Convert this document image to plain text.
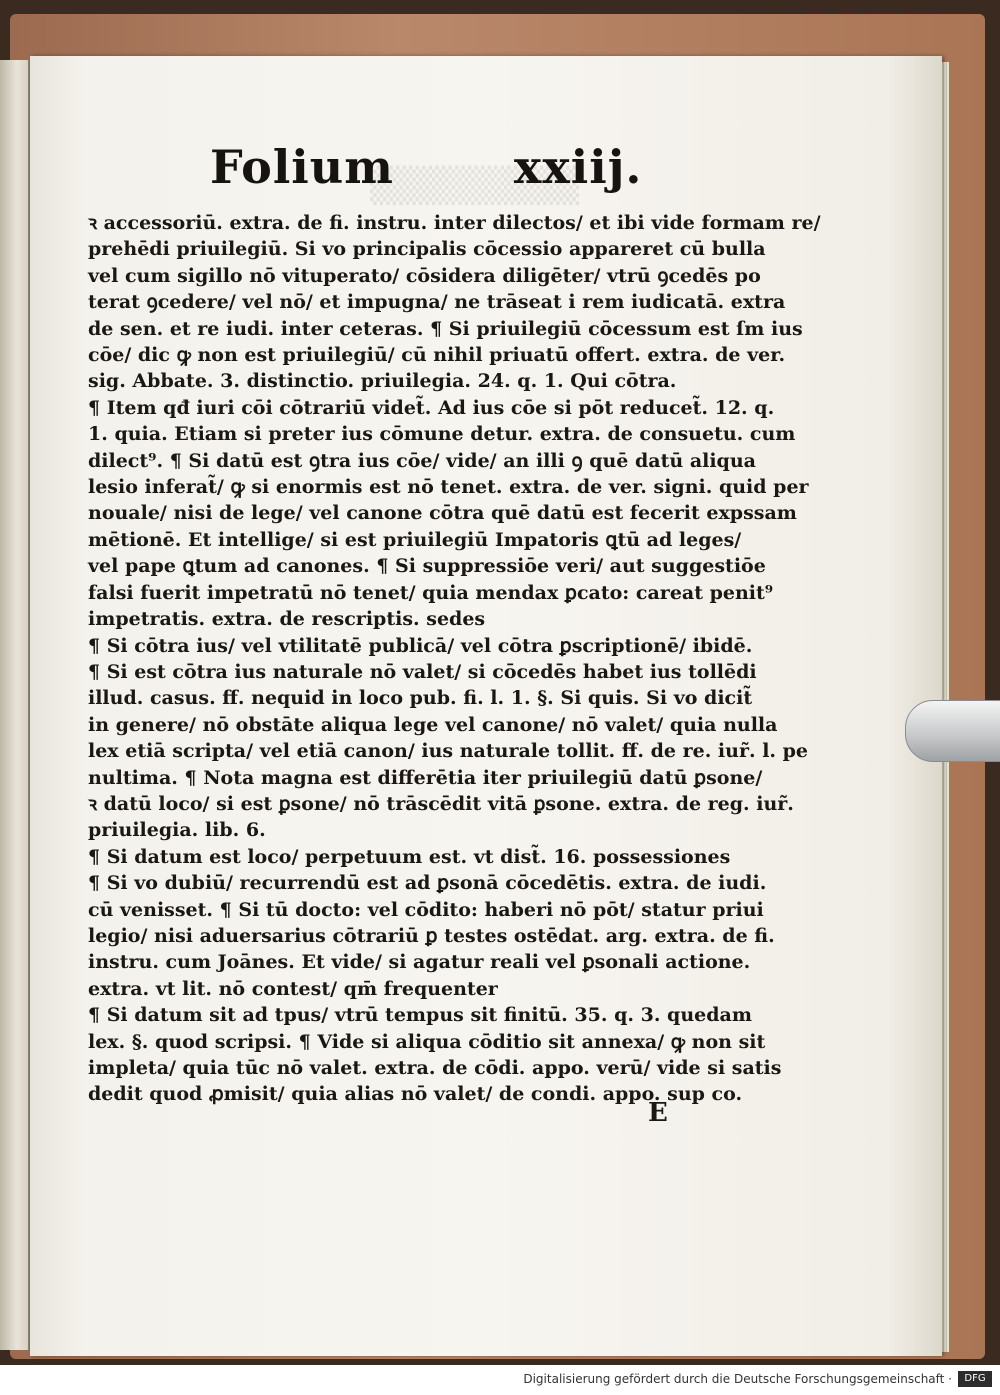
▒▒▒▒▒▒▒▒
Folium	xxiij.
ꝛ accessoriū. extra. de fi. instru. inter dilectos/ et ibi vide formam re/
prehēdi priuilegiū. Si vo principalis cōcessio appareret cū bulla
vel cum sigillo nō vituperato/ cōsidera diligēter/ vtrū ꝯcedēs po
terat ꝯcedere/ vel nō/ et impugna/ ne trāseat i rem iudicatā. extra
de sen. et re iudi. inter ceteras. ¶ Si priuilegiū cōcessum est ſm ius
cōe/ dic ꝙ non est priuilegiū/ cū nihil priuatū offert. extra. de ver.
sig. Abbate. 3. distinctio. priuilegia. 24. q. 1. Qui cōtra.
¶ Item qđ iuri cōi cōtrariū videt̃. Ad ius cōe si pōt reducet̃. 12. q.
1. quia. Etiam si preter ius cōmune detur. extra. de consuetu. cum
dilect⁹. ¶ Si datū est ꝯtra ius cōe/ vide/ an illi ꝯ quē datū aliqua
lesio inferat̃/ ꝙ si enormis est nō tenet. extra. de ver. signi. quid per
nouale/ nisi de lege/ vel canone cōtra quē datū est fecerit expssam
mētionē. Et intellige/ si est priuilegiū Impatoris ꝗtū ad leges/
vel pape ꝗtum ad canones. ¶ Si suppressiōe veri/ aut suggestiōe
falsi fuerit impetratū nō tenet/ quia mendax ꝑcato: careat penit⁹
impetratis. extra. de rescriptis. sedes
¶ Si cōtra ius/ vel vtilitatē publicā/ vel cōtra ꝑscriptionē/ ibidē.
¶ Si est cōtra ius naturale nō valet/ si cōcedēs habet ius tollēdi
illud. casus. ff. nequid in loco pub. fi. l. 1. §. Si quis. Si vo dicit̃
in genere/ nō obstāte aliqua lege vel canone/ nō valet/ quia nulla
lex etiā scripta/ vel etiā canon/ ius naturale tollit. ff. de re. iur̃. l. pe
nultima. ¶ Nota magna est differētia iter priuilegiū datū ꝑsone/
ꝛ datū loco/ si est ꝑsone/ nō trāscēdit vitā ꝑsone. extra. de reg. iur̃.
priuilegia. lib. 6.
¶ Si datum est loco/ perpetuum est. vt dist̃. 16. possessiones
¶ Si vo dubiū/ recurrendū est ad ꝑsonā cōcedētis. extra. de iudi.
cū venisset. ¶ Si tū docto: vel cōdito: haberi nō pōt/ statur priui
legio/ nisi aduersarius cōtrariū ꝑ testes ostēdat. arg. extra. de fi.
instru. cum Joānes. Et vide/ si agatur reali vel ꝑsonali actione.
extra. vt lit. nō contest/ qm̄ frequenter
¶ Si datum sit ad tpus/ vtrū tempus sit finitū. 35. q. 3. quedam
lex. §. quod scripsi. ¶ Vide si aliqua cōditio sit annexa/ ꝙ non sit
impleta/ quia tūc nō valet. extra. de cōdi. appo. verū/ vide si satis
dedit quod ꝓmisit/ quia alias nō valet/ de condi. appo. sup co.
E
Digitalisierung gefördert durch die Deutsche Forschungsgemeinschaft ·	DFG
